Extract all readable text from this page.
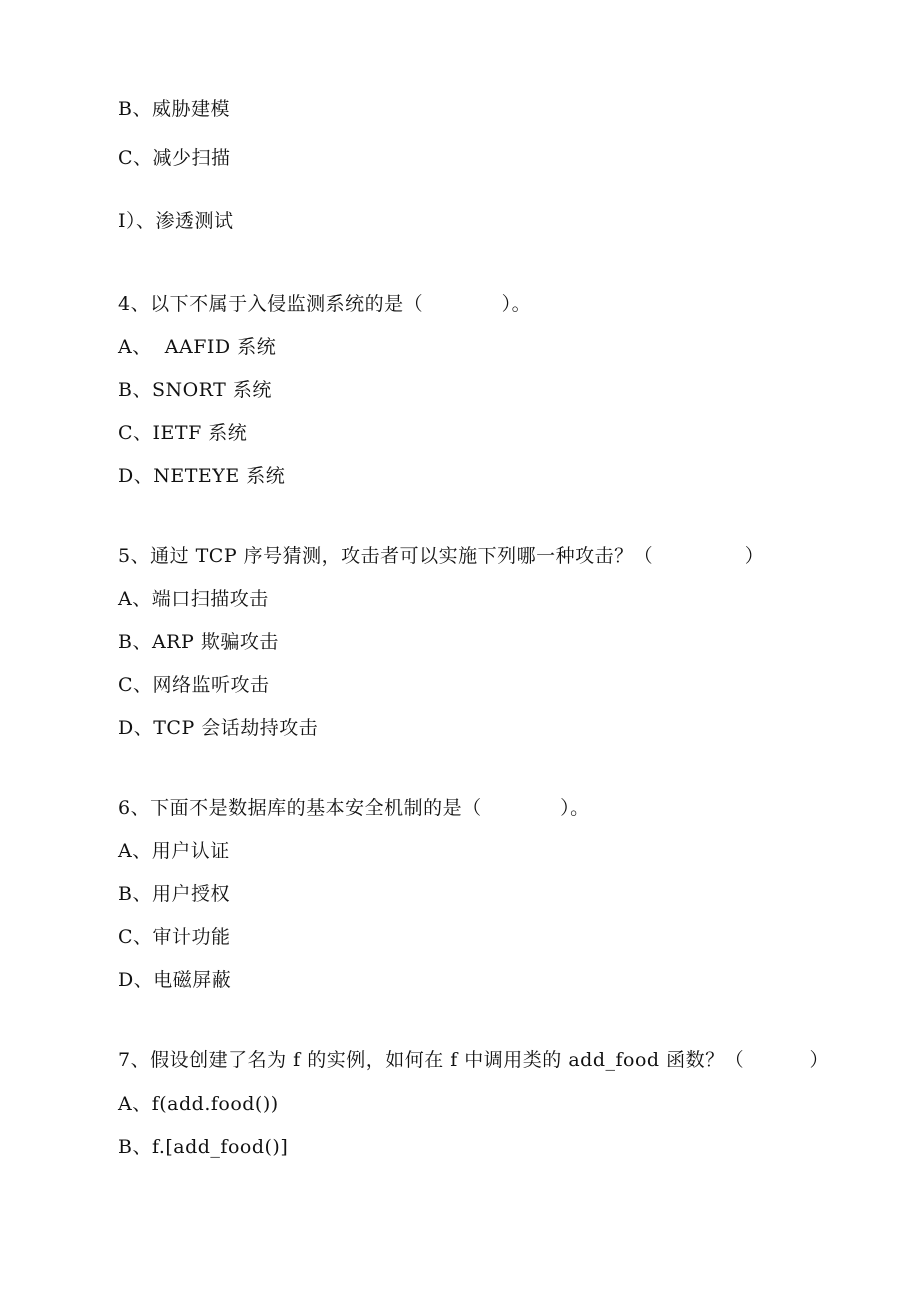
B、威胁建模
C、减少扫描
I）、渗透测试
4、以下不属于入侵监测系统的是（            ）。
A、  AAFID 系统
B、SNORT 系统
C、IETF 系统
D、NETEYE 系统
5、通过 TCP 序号猜测，攻击者可以实施下列哪一种攻击？（              ）
A、端口扫描攻击
B、ARP 欺骗攻击
C、网络监听攻击
D、TCP 会话劫持攻击
6、下面不是数据库的基本安全机制的是（            ）。
A、用户认证
B、用户授权
C、审计功能
D、电磁屏蔽
7、假设创建了名为 f 的实例，如何在 f 中调用类的 add_food 函数？（          ）
A、f(add.food())
B、f.[add_food()]
